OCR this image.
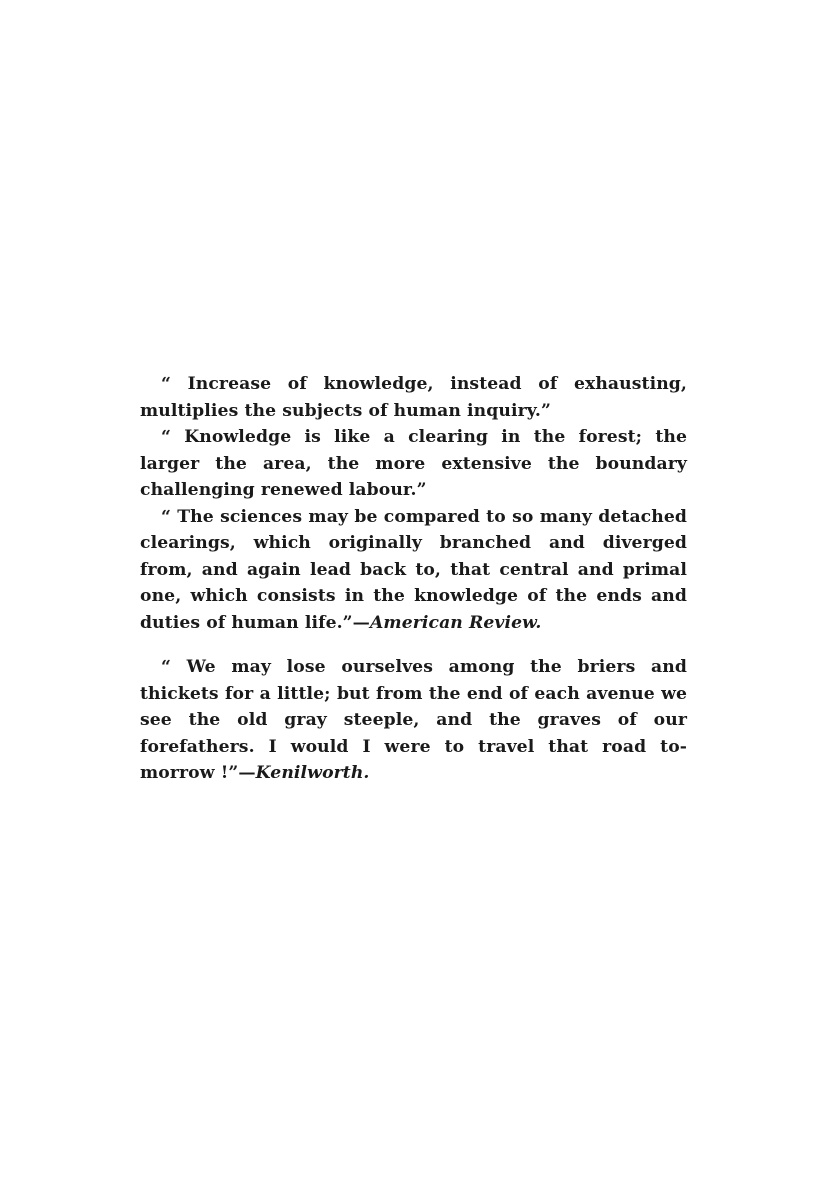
“ Increase of knowledge, instead of exhausting, multiplies the subjects of human inquiry.”

“ Knowledge is like a clearing in the forest; the larger the area, the more extensive the boundary challenging renewed labour.”

“ The sciences may be compared to so many detached clearings, which originally branched and diverged from, and again lead back to, that central and primal one, which consists in the knowledge of the ends and duties of human life.”—American Review.

“ We may lose ourselves among the briers and thickets for a little; but from the end of each avenue we see the old gray steeple, and the graves of our forefathers. I would I were to travel that road to-morrow !”—Kenilworth.
